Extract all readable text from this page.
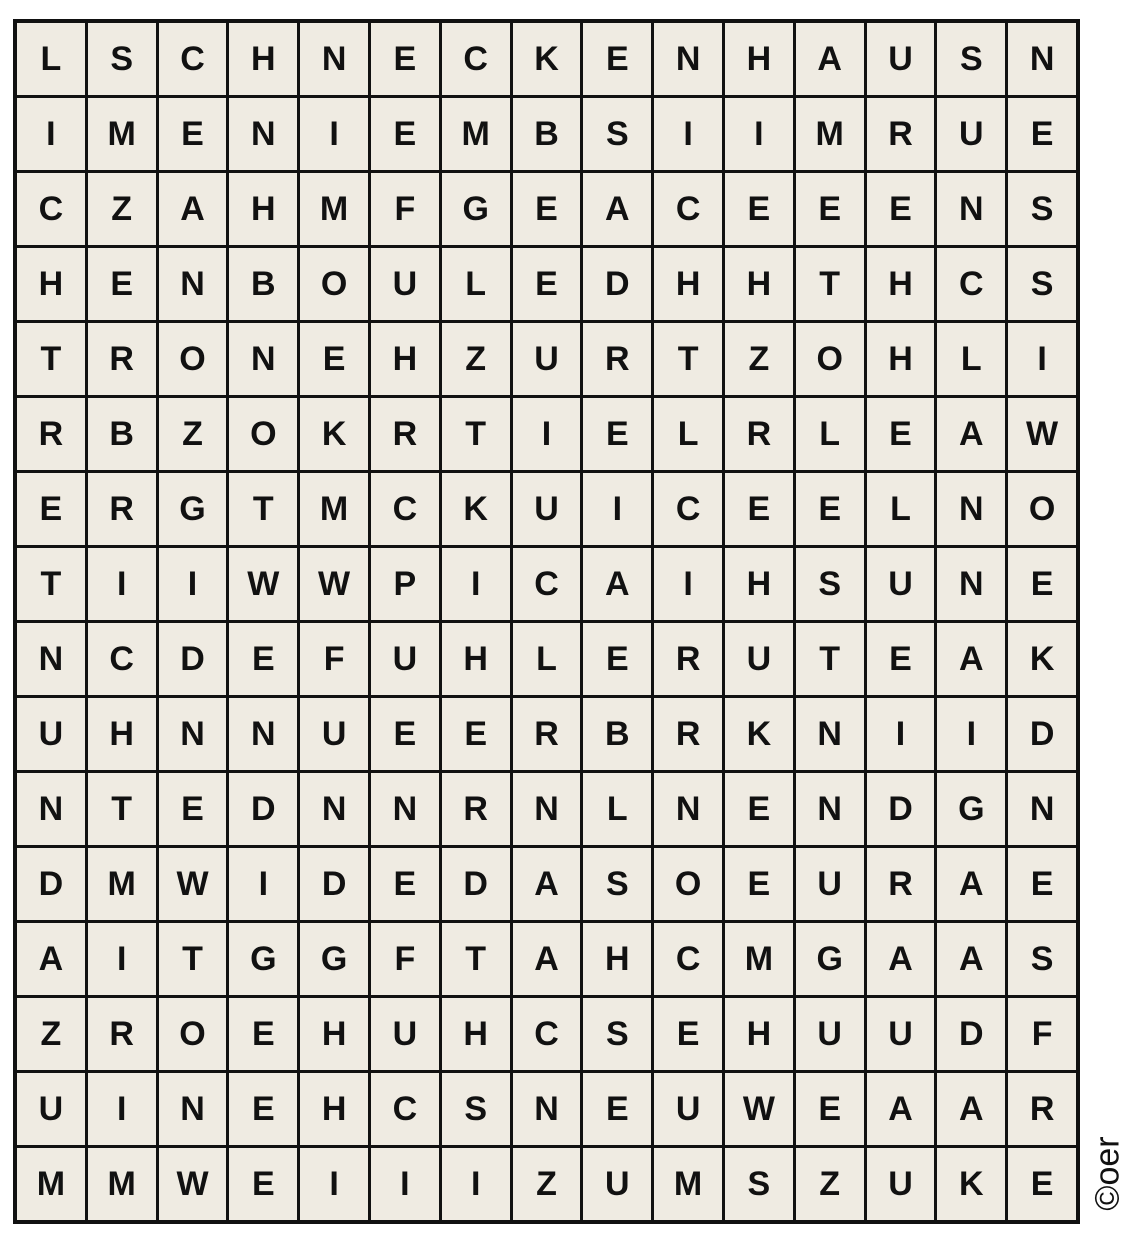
L	S	C	H	N	E	C	K	E	N	H	A	U	S	N
I	M	E	N	I	E	M	B	S	I	I	M	R	U	E
C	Z	A	H	M	F	G	E	A	C	E	E	E	N	S
H	E	N	B	O	U	L	E	D	H	H	T	H	C	S
T	R	O	N	E	H	Z	U	R	T	Z	O	H	L	I
R	B	Z	O	K	R	T	I	E	L	R	L	E	A	W
E	R	G	T	M	C	K	U	I	C	E	E	L	N	O
T	I	I	W	W	P	I	C	A	I	H	S	U	N	E
N	C	D	E	F	U	H	L	E	R	U	T	E	A	K
U	H	N	N	U	E	E	R	B	R	K	N	I	I	D
N	T	E	D	N	N	R	N	L	N	E	N	D	G	N
D	M	W	I	D	E	D	A	S	O	E	U	R	A	E
A	I	T	G	G	F	T	A	H	C	M	G	A	A	S
Z	R	O	E	H	U	H	C	S	E	H	U	U	D	F
U	I	N	E	H	C	S	N	E	U	W	E	A	A	R
M	M	W	E	I	I	I	Z	U	M	S	Z	U	K	E	©oer
